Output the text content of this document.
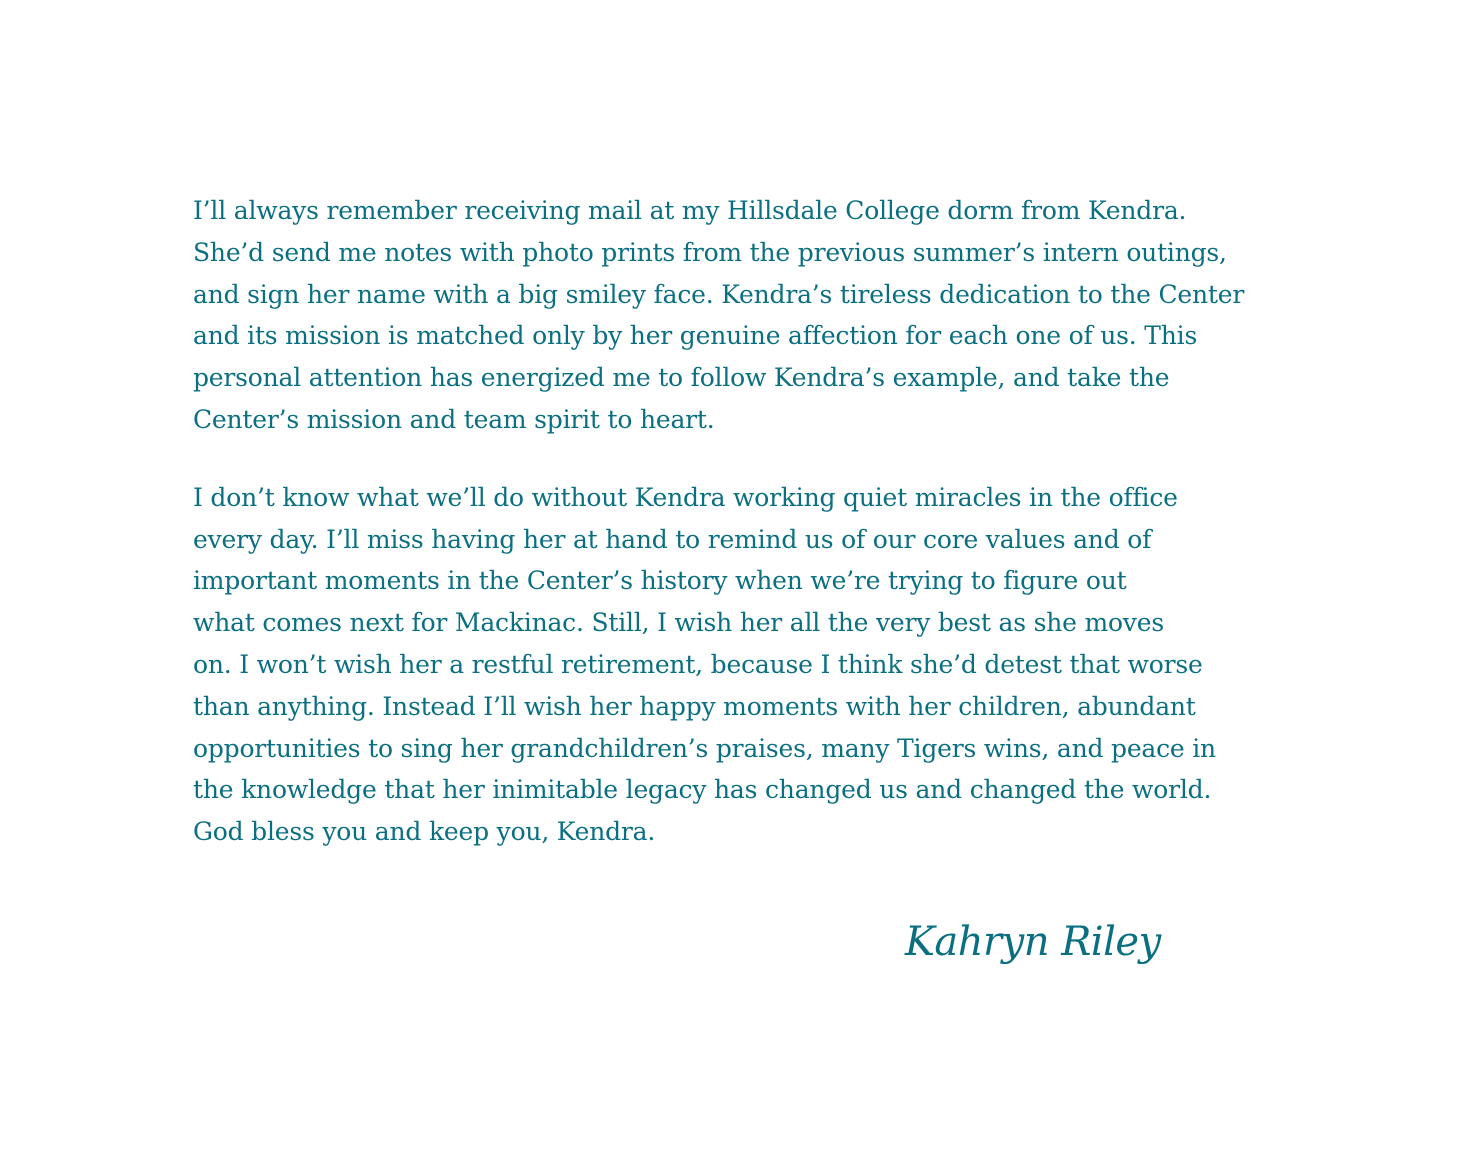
I’ll always remember receiving mail at my Hillsdale College dorm from Kendra.
She’d send me notes with photo prints from the previous summer’s intern outings,
and sign her name with a big smiley face. Kendra’s tireless dedication to the Center
and its mission is matched only by her genuine affection for each one of us. This
personal attention has energized me to follow Kendra’s example, and take the
Center’s mission and team spirit to heart.

I don’t know what we’ll do without Kendra working quiet miracles in the office
every day. I’ll miss having her at hand to remind us of our core values and of
important moments in the Center’s history when we’re trying to figure out
what comes next for Mackinac. Still, I wish her all the very best as she moves
on. I won’t wish her a restful retirement, because I think she’d detest that worse
than anything. Instead I’ll wish her happy moments with her children, abundant
opportunities to sing her grandchildren’s praises, many Tigers wins, and peace in
the knowledge that her inimitable legacy has changed us and changed the world.
God bless you and keep you, Kendra.

Kahryn Riley
